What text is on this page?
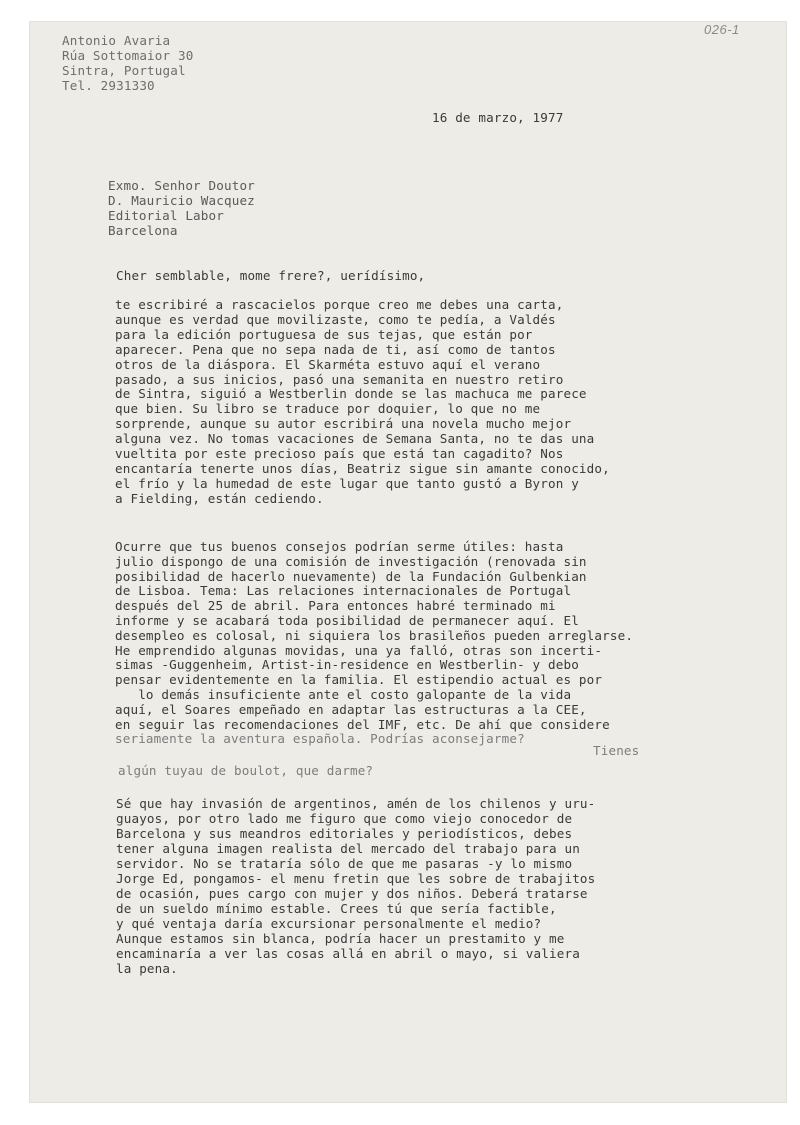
026-1
Antonio Avaria
Rúa Sottomaior 30
Sintra, Portugal
Tel. 2931330
16 de marzo, 1977
Exmo. Senhor Doutor
D. Mauricio Wacquez
Editorial Labor
Barcelona
Cher semblable, mome frere?, uerídísimo,
te escribiré a rascacielos porque creo me debes una carta,
aunque es verdad que movilizaste, como te pedía, a Valdés
para la edición portuguesa de sus tejas, que están por
aparecer. Pena que no sepa nada de ti, así como de tantos
otros de la diáspora. El Skarméta estuvo aquí el verano
pasado, a sus inicios, pasó una semanita en nuestro retiro
de Sintra, siguió a Westberlin donde se las machuca me parece
que bien. Su libro se traduce por doquier, lo que no me
sorprende, aunque su autor escribirá una novela mucho mejor
alguna vez. No tomas vacaciones de Semana Santa, no te das una
vueltita por este precioso país que está tan cagadito? Nos
encantaría tenerte unos días, Beatriz sigue sin amante conocido,
el frío y la humedad de este lugar que tanto gustó a Byron y
a Fielding, están cediendo.
Ocurre que tus buenos consejos podrían serme útiles: hasta
julio dispongo de una comisión de investigación (renovada sin
posibilidad de hacerlo nuevamente) de la Fundación Gulbenkian
de Lisboa. Tema: Las relaciones internacionales de Portugal
después del 25 de abril. Para entonces habré terminado mi
informe y se acabará toda posibilidad de permanecer aquí. El
desempleo es colosal, ni siquiera los brasileños pueden arreglarse.
He emprendido algunas movidas, una ya falló, otras son incerti-
simas -Guggenheim, Artist-in-residence en Westberlin- y debo
pensar evidentemente en la familia. El estipendio actual es por
lo demás insuficiente ante el costo galopante de la vida
aquí, el Soares empeñado en adaptar las estructuras a la CEE,
en seguir las recomendaciones del IMF, etc. De ahí que considere
seriamente la aventura española. Podrías aconsejarme?
Tienes
algún tuyau de boulot, que darme?
Sé que hay invasión de argentinos, amén de los chilenos y uru-
guayos, por otro lado me figuro que como viejo conocedor de
Barcelona y sus meandros editoriales y periodísticos, debes
tener alguna imagen realista del mercado del trabajo para un
servidor. No se trataría sólo de que me pasaras -y lo mismo
Jorge Ed, pongamos- el menu fretin que les sobre de trabajitos
de ocasión, pues cargo con mujer y dos niños. Deberá tratarse
de un sueldo mínimo estable. Crees tú que sería factible,
y qué ventaja daría excursionar personalmente el medio?
Aunque estamos sin blanca, podría hacer un prestamito y me
encaminaría a ver las cosas allá en abril o mayo, si valiera
la pena.
